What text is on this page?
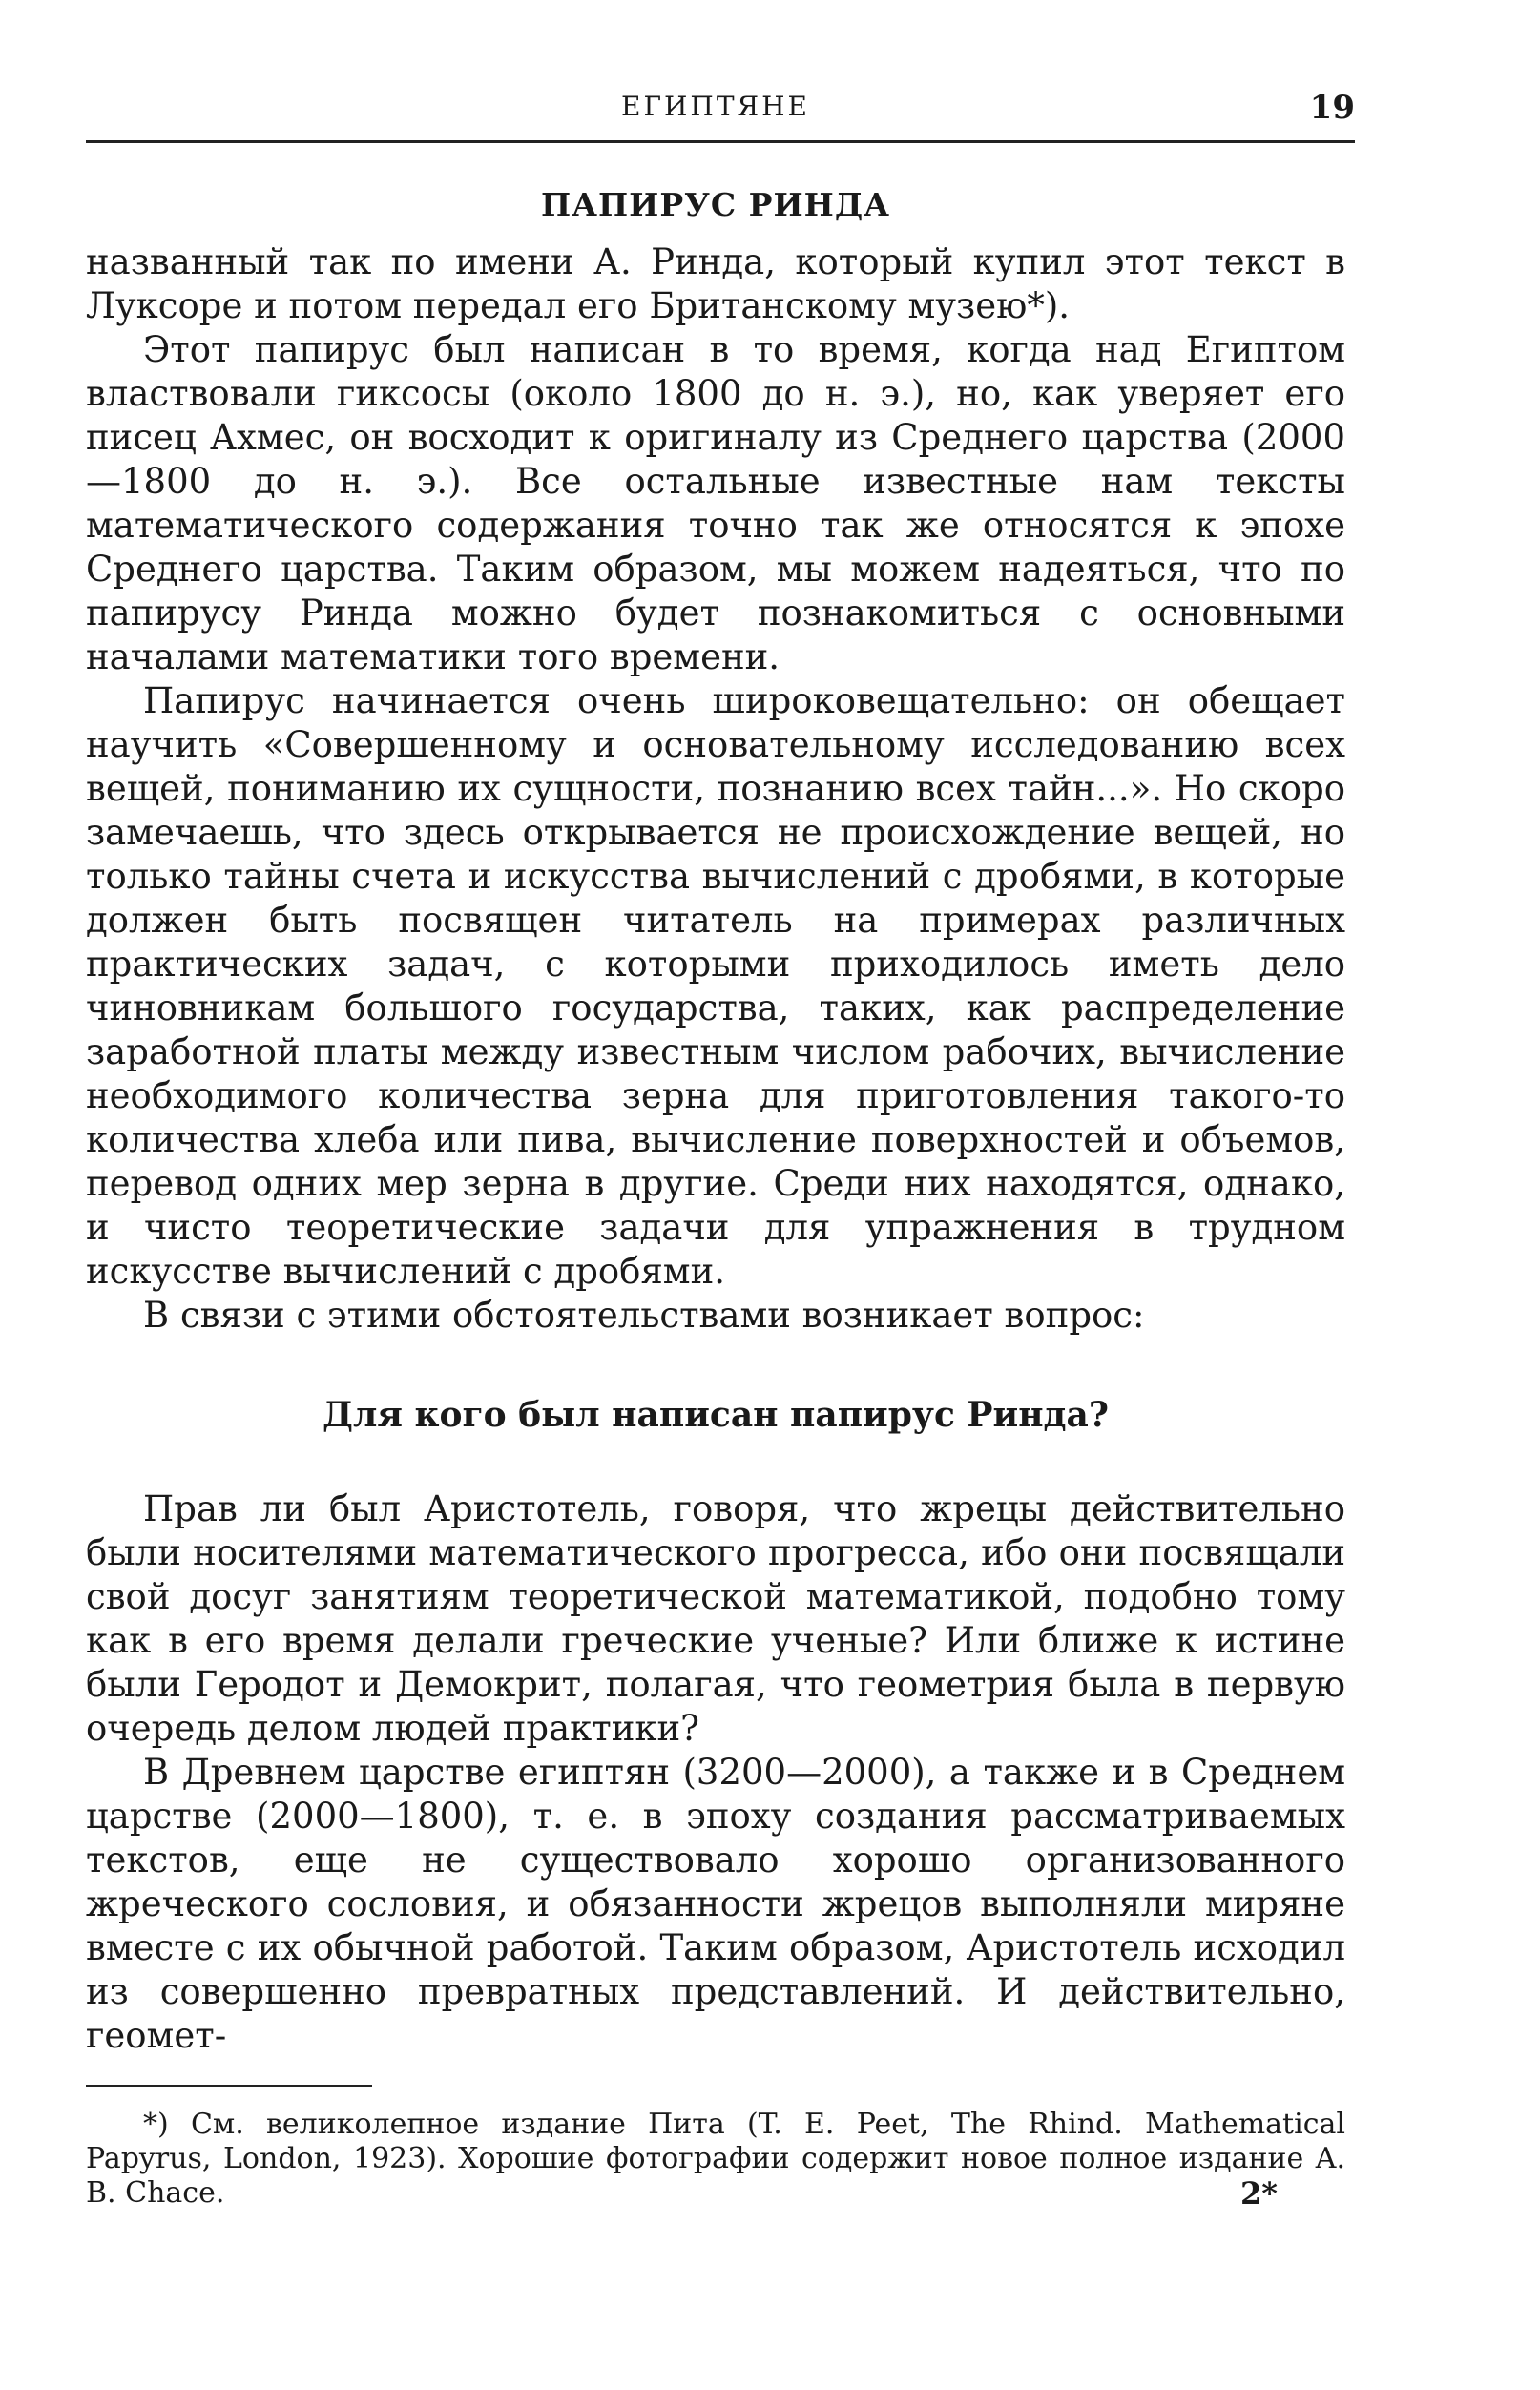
ЕГИПТЯНЕ	19
ПАПИРУС РИНДА

названный так по имени А. Ринда, который купил этот текст в Луксоре и потом передал его Британскому музею*).

Этот папирус был написан в то время, когда над Египтом властвовали гиксосы (около 1800 до н. э.), но, как уверяет его писец Ахмес, он восходит к оригиналу из Среднего царства (2000—1800 до н. э.). Все остальные известные нам тексты математического содержания точно так же относятся к эпохе Среднего царства. Таким образом, мы можем надеяться, что по папирусу Ринда можно будет познакомиться с основными началами математики того времени.

Папирус начинается очень широковещательно: он обещает научить «Совершенному и основательному исследованию всех вещей, пониманию их сущности, познанию всех тайн...». Но скоро замечаешь, что здесь открывается не происхождение вещей, но только тайны счета и искусства вычислений с дробями, в которые должен быть посвящен читатель на примерах различных практических задач, с которыми приходилось иметь дело чиновникам большого государства, таких, как распределение заработной платы между известным числом рабочих, вычисление необходимого количества зерна для приготовления такого-то количества хлеба или пива, вычисление поверхностей и объемов, перевод одних мер зерна в другие. Среди них находятся, однако, и чисто теоретические задачи для упражнения в трудном искусстве вычислений с дробями.

В связи с этими обстоятельствами возникает вопрос:

Для кого был написан папирус Ринда?

Прав ли был Аристотель, говоря, что жрецы действительно были носителями математического прогресса, ибо они посвящали свой досуг занятиям теоретической математикой, подобно тому как в его время делали греческие ученые? Или ближе к истине были Геродот и Демокрит, полагая, что геометрия была в первую очередь делом людей практики?

В Древнем царстве египтян (3200—2000), а также и в Среднем царстве (2000—1800), т. е. в эпоху создания рассматриваемых текстов, еще не существовало хорошо организованного жреческого сословия, и обязанности жрецов выполняли миряне вместе с их обычной работой. Таким образом, Аристотель исходил из совершенно превратных представлений. И действительно, геомет-

*) См. великолепное издание Пита (T. E. Peet, The Rhind. Mathematical Papyrus, London, 1923). Хорошие фотографии содержит новое полное издание A. B. Chace.	2*
